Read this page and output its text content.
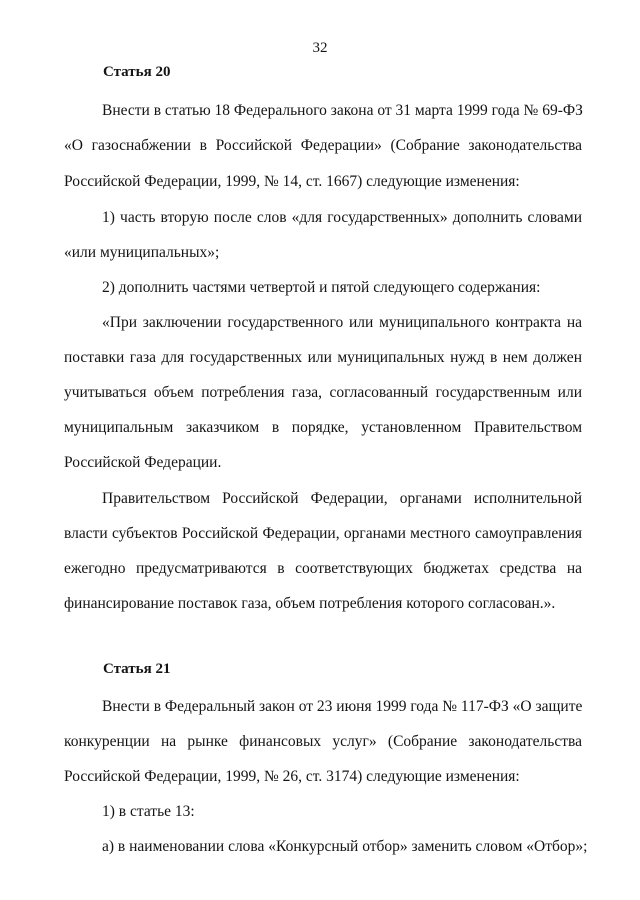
32
Статья 20
Внести в статью 18 Федерального закона от 31 марта 1999 года № 69-ФЗ
«О газоснабжении в Российской Федерации» (Собрание законодательства
Российской Федерации, 1999, № 14, ст. 1667) следующие изменения:
1) часть вторую после слов «для государственных» дополнить словами
«или муниципальных»;
2) дополнить частями четвертой и пятой следующего содержания:
«При заключении государственного или муниципального контракта на
поставки газа для государственных или муниципальных нужд в нем должен
учитываться объем потребления газа, согласованный государственным или
муниципальным заказчиком в порядке, установленном Правительством
Российской Федерации.
Правительством Российской Федерации, органами исполнительной
власти субъектов Российской Федерации, органами местного самоуправления
ежегодно предусматриваются в соответствующих бюджетах средства на
финансирование поставок газа, объем потребления которого согласован.».
Статья 21
Внести в Федеральный закон от 23 июня 1999 года № 117-ФЗ «О защите
конкуренции на рынке финансовых услуг» (Собрание законодательства
Российской Федерации, 1999, № 26, ст. 3174) следующие изменения:
1) в статье 13:
а) в наименовании слова «Конкурсный отбор» заменить словом «Отбор»;
